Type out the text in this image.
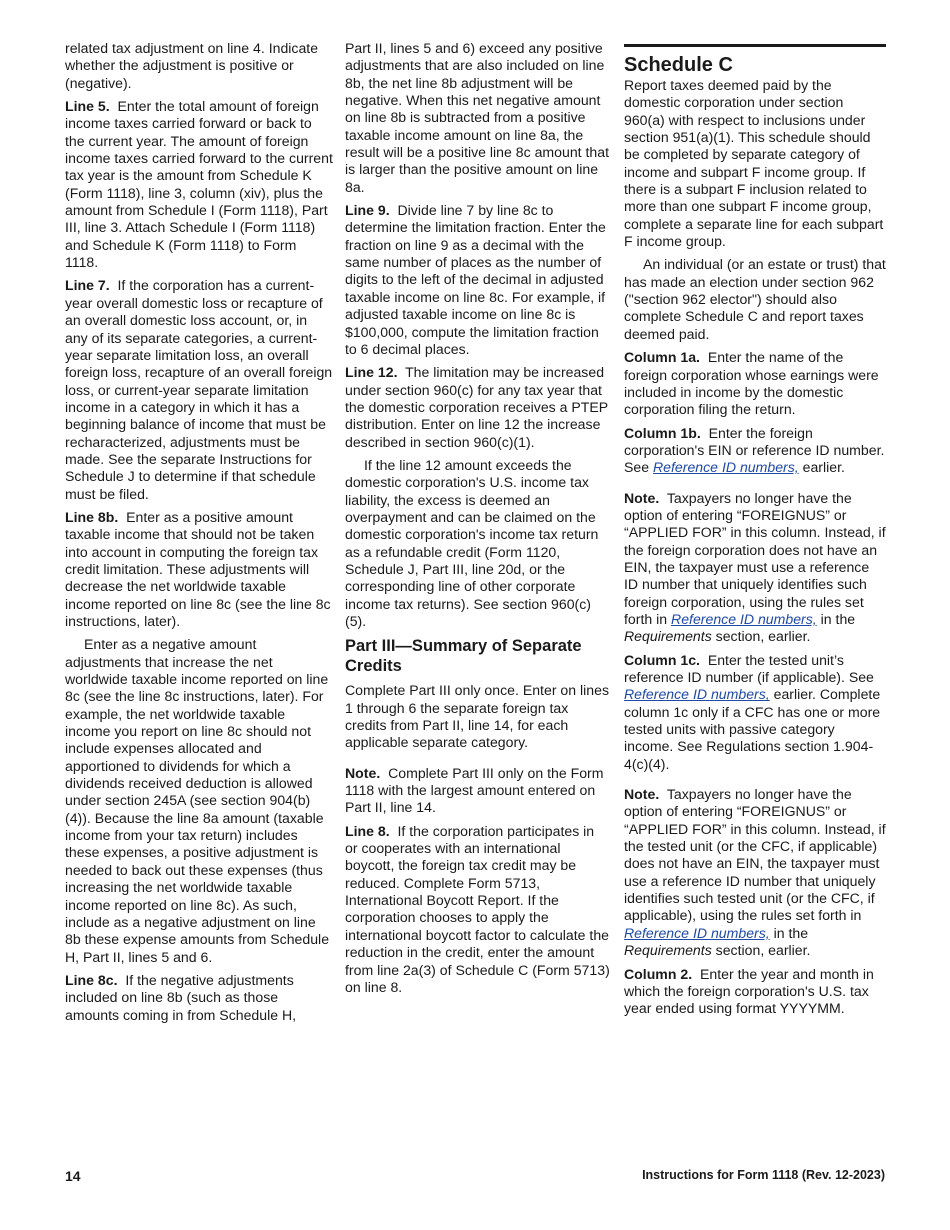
related tax adjustment on line 4. Indicate whether the adjustment is positive or (negative).

Line 5. Enter the total amount of foreign income taxes carried forward or back to the current year. The amount of foreign income taxes carried forward to the current tax year is the amount from Schedule K (Form 1118), line 3, column (xiv), plus the amount from Schedule I (Form 1118), Part III, line 3. Attach Schedule I (Form 1118) and Schedule K (Form 1118) to Form 1118.

Line 7. If the corporation has a current-year overall domestic loss or recapture of an overall domestic loss account, or, in any of its separate categories, a current-year separate limitation loss, an overall foreign loss, recapture of an overall foreign loss, or current-year separate limitation income in a category in which it has a beginning balance of income that must be recharacterized, adjustments must be made. See the separate Instructions for Schedule J to determine if that schedule must be filed.

Line 8b. Enter as a positive amount taxable income that should not be taken into account in computing the foreign tax credit limitation. These adjustments will decrease the net worldwide taxable income reported on line 8c (see the line 8c instructions, later).

Enter as a negative amount adjustments that increase the net worldwide taxable income reported on line 8c (see the line 8c instructions, later). For example, the net worldwide taxable income you report on line 8c should not include expenses allocated and apportioned to dividends for which a dividends received deduction is allowed under section 245A (see section 904(b)(4)). Because the line 8a amount (taxable income from your tax return) includes these expenses, a positive adjustment is needed to back out these expenses (thus increasing the net worldwide taxable income reported on line 8c). As such, include as a negative adjustment on line 8b these expense amounts from Schedule H, Part II, lines 5 and 6.

Line 8c. If the negative adjustments included on line 8b (such as those amounts coming in from Schedule H,

Part II, lines 5 and 6) exceed any positive adjustments that are also included on line 8b, the net line 8b adjustment will be negative. When this net negative amount on line 8b is subtracted from a positive taxable income amount on line 8a, the result will be a positive line 8c amount that is larger than the positive amount on line 8a.

Line 9. Divide line 7 by line 8c to determine the limitation fraction. Enter the fraction on line 9 as a decimal with the same number of places as the number of digits to the left of the decimal in adjusted taxable income on line 8c. For example, if adjusted taxable income on line 8c is $100,000, compute the limitation fraction to 6 decimal places.

Line 12. The limitation may be increased under section 960(c) for any tax year that the domestic corporation receives a PTEP distribution. Enter on line 12 the increase described in section 960(c)(1).

If the line 12 amount exceeds the domestic corporation's U.S. income tax liability, the excess is deemed an overpayment and can be claimed on the domestic corporation's income tax return as a refundable credit (Form 1120, Schedule J, Part III, line 20d, or the corresponding line of other corporate income tax returns). See section 960(c)(5).

Part III—Summary of Separate Credits

Complete Part III only once. Enter on lines 1 through 6 the separate foreign tax credits from Part II, line 14, for each applicable separate category.

Note. Complete Part III only on the Form 1118 with the largest amount entered on Part II, line 14.

Line 8. If the corporation participates in or cooperates with an international boycott, the foreign tax credit may be reduced. Complete Form 5713, International Boycott Report. If the corporation chooses to apply the international boycott factor to calculate the reduction in the credit, enter the amount from line 2a(3) of Schedule C (Form 5713) on line 8.

Schedule C

Report taxes deemed paid by the domestic corporation under section 960(a) with respect to inclusions under section 951(a)(1). This schedule should be completed by separate category of income and subpart F income group. If there is a subpart F inclusion related to more than one subpart F income group, complete a separate line for each subpart F income group.

An individual (or an estate or trust) that has made an election under section 962 ("section 962 elector") should also complete Schedule C and report taxes deemed paid.

Column 1a. Enter the name of the foreign corporation whose earnings were included in income by the domestic corporation filing the return.

Column 1b. Enter the foreign corporation's EIN or reference ID number. See Reference ID numbers, earlier.

Note. Taxpayers no longer have the option of entering “FOREIGNUS” or “APPLIED FOR” in this column. Instead, if the foreign corporation does not have an EIN, the taxpayer must use a reference ID number that uniquely identifies such foreign corporation, using the rules set forth in Reference ID numbers, in the Requirements section, earlier.

Column 1c. Enter the tested unit’s reference ID number (if applicable). See Reference ID numbers, earlier. Complete column 1c only if a CFC has one or more tested units with passive category income. See Regulations section 1.904-4(c)(4).

Note. Taxpayers no longer have the option of entering “FOREIGNUS” or “APPLIED FOR” in this column. Instead, if the tested unit (or the CFC, if applicable) does not have an EIN, the taxpayer must use a reference ID number that uniquely identifies such tested unit (or the CFC, if applicable), using the rules set forth in Reference ID numbers, in the Requirements section, earlier.

Column 2. Enter the year and month in which the foreign corporation's U.S. tax year ended using format YYYYMM.

14	Instructions for Form 1118 (Rev. 12-2023)
